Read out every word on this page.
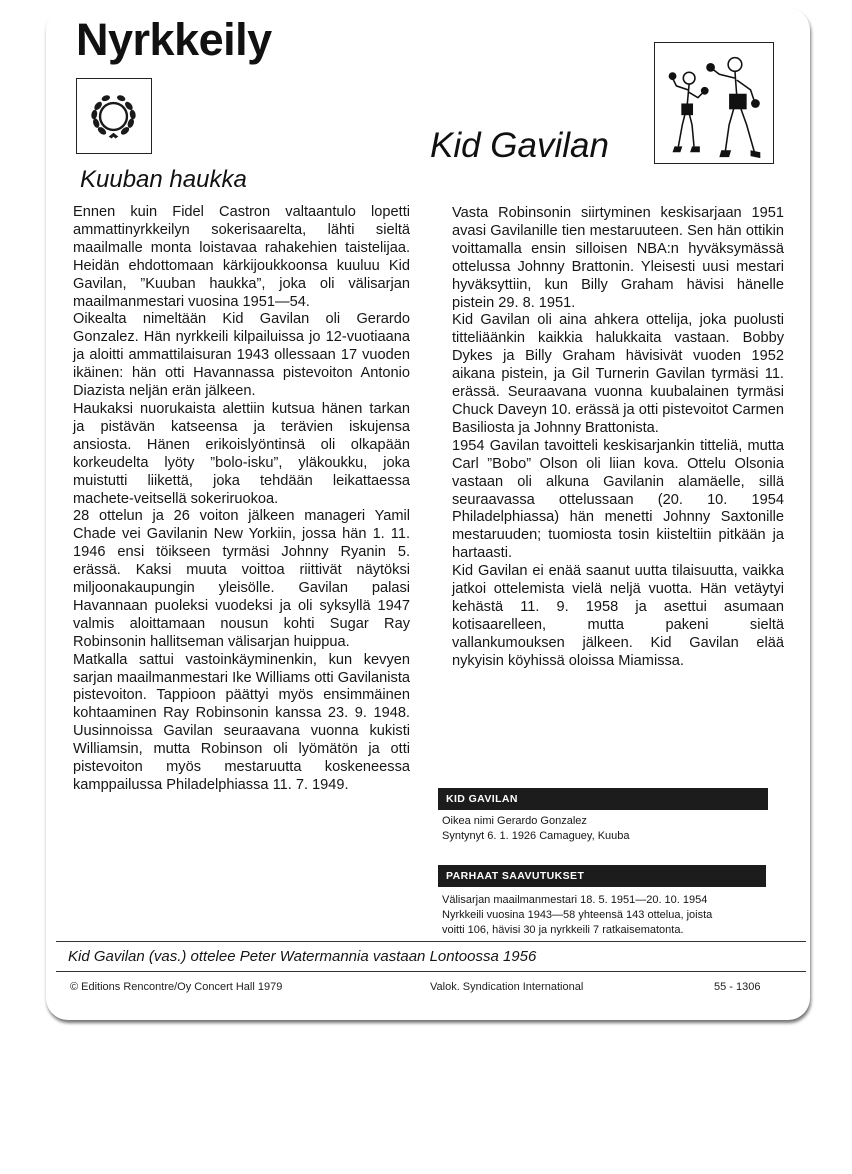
Nyrkkeily
Kid Gavilan
Kuuban haukka

Ennen kuin Fidel Castron valtaantulo lopetti ammattinyrkkeilyn sokerisaarelta, lähti sieltä maailmalle monta loistavaa rahakehien taistelijaa. Heidän ehdottomaan kärkijoukkoonsa kuuluu Kid Gavilan, ”Kuuban haukka”, joka oli välisarjan maailmanmestari vuosina 1951—54.

Oikealta nimeltään Kid Gavilan oli Gerardo Gonzalez. Hän nyrkkeili kilpailuissa jo 12-vuotiaana ja aloitti ammattilaisuran 1943 ollessaan 17 vuoden ikäinen: hän otti Havannassa pistevoiton Antonio Diazista neljän erän jälkeen.

Haukaksi nuorukaista alettiin kutsua hänen tarkan ja pistävän katseensa ja terävien iskujensa ansiosta. Hänen erikoislyöntinsä oli olkapään korkeudelta lyöty ”bolo-isku”, yläkoukku, joka muistutti liikettä, joka tehdään leikattaessa machete-veitsellä sokeriruokoa.

28 ottelun ja 26 voiton jälkeen manageri Yamil Chade vei Gavilanin New Yorkiin, jossa hän 1. 11. 1946 ensi töikseen tyrmäsi Johnny Ryanin 5. erässä. Kaksi muuta voittoa riittivät näytöksi miljoonakaupungin yleisölle. Gavilan palasi Havannaan puoleksi vuodeksi ja oli syksyllä 1947 valmis aloittamaan nousun kohti Sugar Ray Robinsonin hallitseman välisarjan huippua.

Matkalla sattui vastoinkäyminenkin, kun kevyen sarjan maailmanmestari Ike Williams otti Gavilanista pistevoiton. Tappioon päättyi myös ensimmäinen kohtaaminen Ray Robinsonin kanssa 23. 9. 1948. Uusinnoissa Gavilan seuraavana vuonna kukisti Williamsin, mutta Robinson oli lyömätön ja otti pistevoiton myös mestaruutta koskeneessa kamppailussa Philadelphiassa 11. 7. 1949.

Vasta Robinsonin siirtyminen keskisarjaan 1951 avasi Gavilanille tien mestaruuteen. Sen hän ottikin voittamalla ensin silloisen NBA:n hyväksymässä ottelussa Johnny Brattonin. Yleisesti uusi mestari hyväksyttiin, kun Billy Graham hävisi hänelle pistein 29. 8. 1951.

Kid Gavilan oli aina ahkera ottelija, joka puolusti titteliäänkin kaikkia halukkaita vastaan. Bobby Dykes ja Billy Graham hävisivät vuoden 1952 aikana pistein, ja Gil Turnerin Gavilan tyrmäsi 11. erässä. Seuraavana vuonna kuubalainen tyrmäsi Chuck Daveyn 10. erässä ja otti pistevoitot Carmen Basiliosta ja Johnny Brattonista.

1954 Gavilan tavoitteli keskisarjankin titteliä, mutta Carl ”Bobo” Olson oli liian kova. Ottelu Olsonia vastaan oli alkuna Gavilanin alamäelle, sillä seuraavassa ottelussaan (20. 10. 1954 Philadelphiassa) hän menetti Johnny Saxtonille mestaruuden; tuomiosta tosin kiisteltiin pitkään ja hartaasti.

Kid Gavilan ei enää saanut uutta tilaisuutta, vaikka jatkoi ottelemista vielä neljä vuotta. Hän vetäytyi kehästä 11. 9. 1958 ja asettui asumaan kotisaarelleen, mutta pakeni sieltä vallankumouksen jälkeen. Kid Gavilan elää nykyisin köyhissä oloissa Miamissa.

KID GAVILAN
Oikea nimi Gerardo Gonzalez
Syntynyt 6. 1. 1926 Camaguey, Kuuba
PARHAAT SAAVUTUKSET
Välisarjan maailmanmestari 18. 5. 1951—20. 10. 1954
Nyrkkeili vuosina 1943—58 yhteensä 143 ottelua, joista
voitti 106, hävisi 30 ja nyrkkeili 7 ratkaisematonta.
Kid Gavilan (vas.) ottelee Peter Watermannia vastaan Lontoossa 1956
© Editions Rencontre/Oy Concert Hall 1979	Valok. Syndication International	55 - 1306
